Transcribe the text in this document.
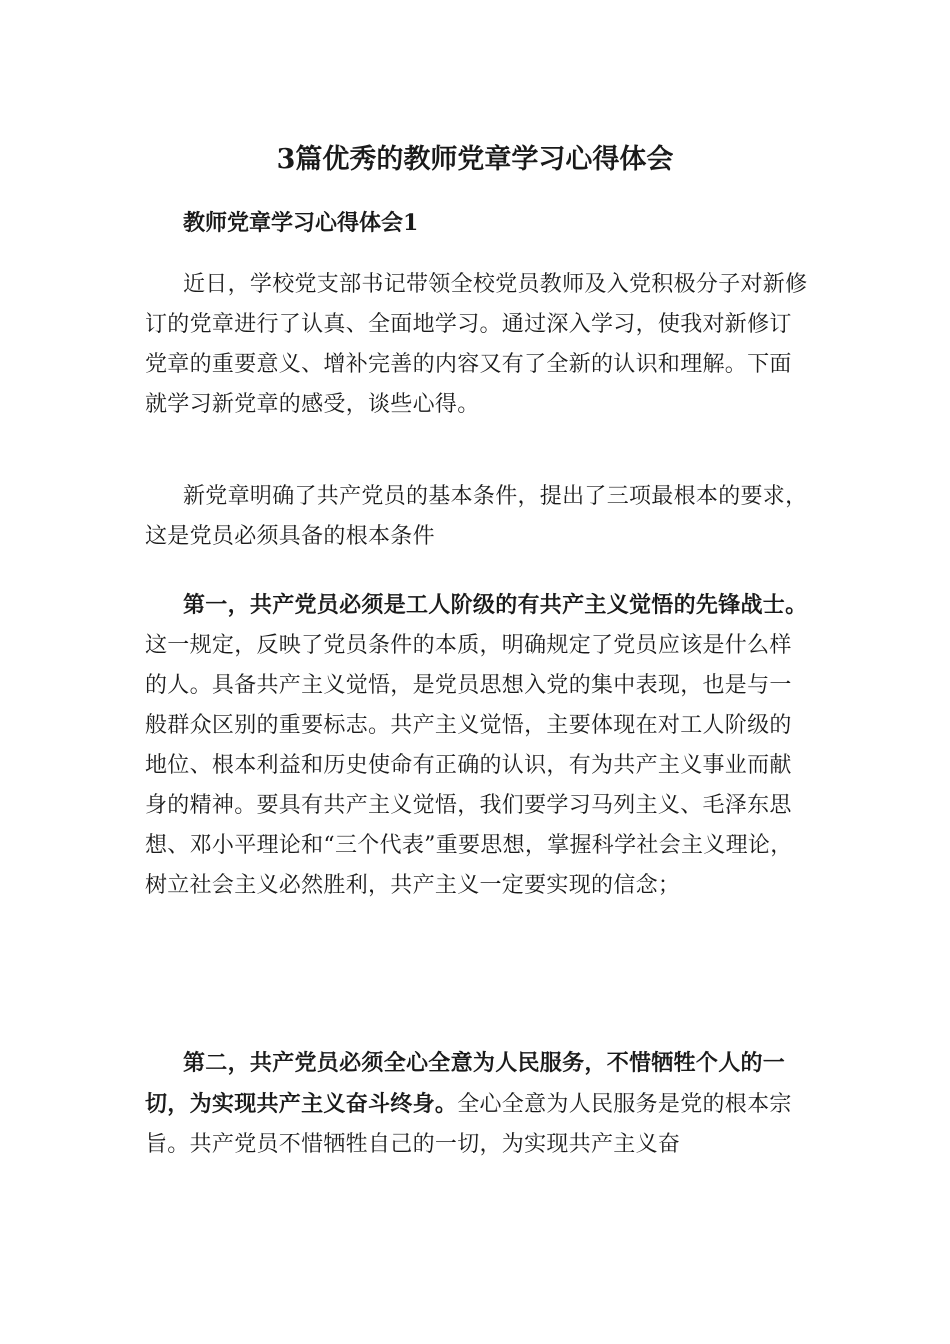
3篇优秀的教师党章学习心得体会
教师党章学习心得体会1

近日，学校党支部书记带领全校党员教师及入党积极分子对新修订的党章进行了认真、全面地学习。通过深入学习，使我对新修订党章的重要意义、增补完善的内容又有了全新的认识和理解。下面就学习新党章的感受，谈些心得。

新党章明确了共产党员的基本条件，提出了三项最根本的要求，这是党员必须具备的根本条件

第一，共产党员必须是工人阶级的有共产主义觉悟的先锋战士。这一规定，反映了党员条件的本质，明确规定了党员应该是什么样的人。具备共产主义觉悟，是党员思想入党的集中表现，也是与一般群众区别的重要标志。共产主义觉悟，主要体现在对工人阶级的地位、根本利益和历史使命有正确的认识，有为共产主义事业而献身的精神。要具有共产主义觉悟，我们要学习马列主义、毛泽东思想、邓小平理论和“三个代表”重要思想，掌握科学社会主义理论，树立社会主义必然胜利，共产主义一定要实现的信念；

第二，共产党员必须全心全意为人民服务，不惜牺牲个人的一切，为实现共产主义奋斗终身。全心全意为人民服务是党的根本宗旨。共产党员不惜牺牲自己的一切，为实现共产主义奋
